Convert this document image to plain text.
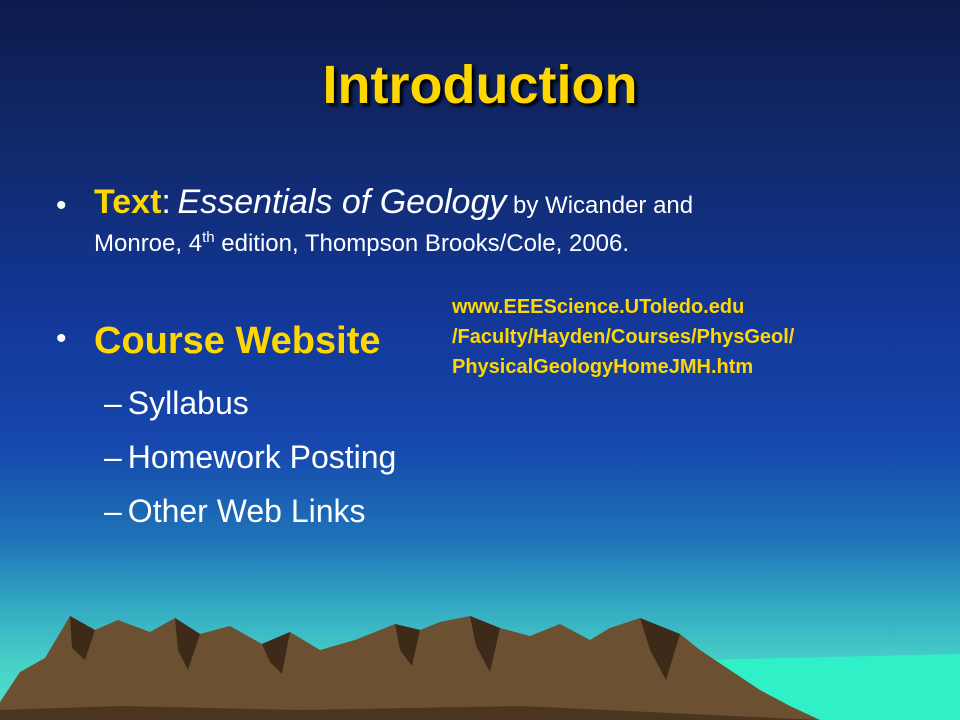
Introduction
• Text: Essentials of Geology by Wicander and
Monroe, 4th edition, Thompson Brooks/Cole, 2006.
• Course Website
– Syllabus
– Homework Posting
– Other Web Links
www.EEEScience.UToledo.edu
/Faculty/Hayden/Courses/PhysGeol/
PhysicalGeologyHomeJMH.htm
